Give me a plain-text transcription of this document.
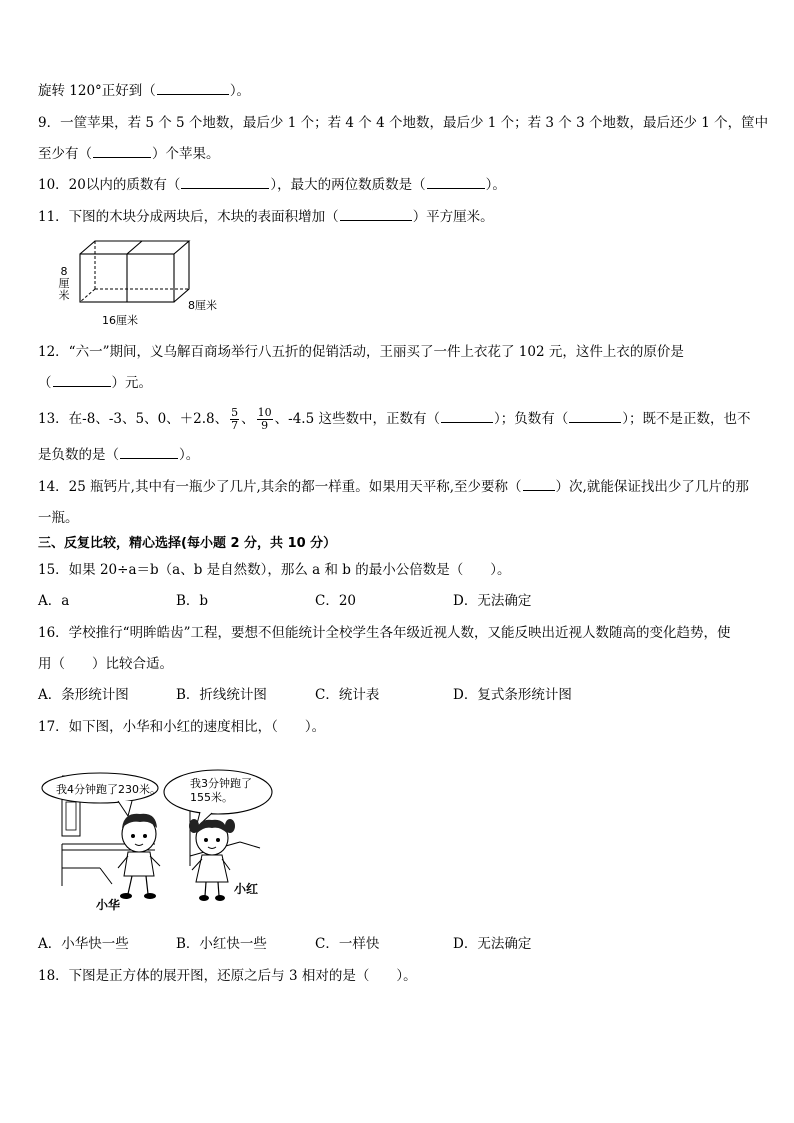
旋转 120°正好到（	）。
9．一筐苹果，若 5 个 5 个地数，最后少 1 个；若 4 个 4 个地数，最后少 1 个；若 3 个 3 个地数，最后还少 1 个，筐中
至少有（	）个苹果。
10．20以内的质数有（	），最大的两位数质数是（	）。
11．下图的木块分成两块后，木块的表面积增加（	）平方厘米。
8
厘
米
16厘米
8厘米
12．“六一”期间，义乌解百商场举行八五折的促销活动，王丽买了一件上衣花了 102 元，这件上衣的原价是
（	）元。
13．在-8、-3、5、0、＋2.8、 $\frac{5}{7}$ 、 $\frac{10}{9}$ 、-4.5 这些数中，正数有（	）；负数有（	）；既不是正数，也不
是负数的是（	）。
14．25 瓶钙片,其中有一瓶少了几片,其余的都一样重。如果用天平称,至少要称（	）次,就能保证找出少了几片的那
一瓶。
三、反复比较，精心选择(每小题 2 分，共 10 分）
15．如果 20÷a＝b（a、b 是自然数），那么 a 和 b 的最小公倍数是（　　）。
A．a	B．b	C．20	D．无法确定
16．学校推行“明眸皓齿”工程，要想不但能统计全校学生各年级近视人数，又能反映出近视人数随高的变化趋势，使
用（　　）比较合适。
A．条形统计图	B．折线统计图	C．统计表	D．复式条形统计图
17．如下图，小华和小红的速度相比，（　　）。
我4分钟跑了230米。	我3分钟跑了
155米。
小华
小红
A．小华快一些	B．小红快一些	C．一样快	D．无法确定
18．下图是正方体的展开图，还原之后与 3 相对的是（　　）。
